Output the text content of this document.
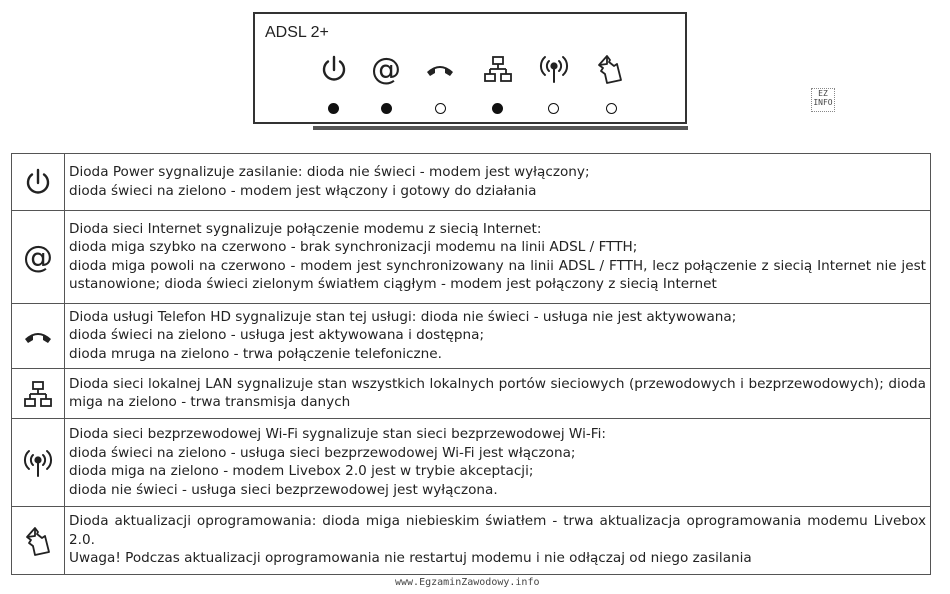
ADSL 2+
EZ
INFO

Dioda Power sygnalizuje zasilanie: dioda nie świeci - modem jest wyłączony;
dioda świeci na zielono - modem jest włączony i gotowy do działania

Dioda sieci Internet sygnalizuje połączenie modemu z siecią Internet:
dioda miga szybko na czerwono - brak synchronizacji modemu na linii ADSL / FTTH;
dioda miga powoli na czerwono - modem jest synchronizowany na linii ADSL / FTTH, lecz połączenie z siecią Internet nie jest ustanowione; dioda świeci zielonym światłem ciągłym - modem jest połączony z siecią Internet

Dioda usługi Telefon HD sygnalizuje stan tej usługi: dioda nie świeci - usługa nie jest aktywowana;
dioda świeci na zielono - usługa jest aktywowana i dostępna;
dioda mruga na zielono - trwa połączenie telefoniczne.

Dioda sieci lokalnej LAN sygnalizuje stan wszystkich lokalnych portów sieciowych (przewodowych i bezprzewodowych); dioda miga na zielono - trwa transmisja danych

Dioda sieci bezprzewodowej Wi-Fi sygnalizuje stan sieci bezprzewodowej Wi-Fi:
dioda świeci na zielono - usługa sieci bezprzewodowej Wi-Fi jest włączona;
dioda miga na zielono - modem Livebox 2.0 jest w trybie akceptacji;
dioda nie świeci - usługa sieci bezprzewodowej jest wyłączona.

Dioda aktualizacji oprogramowania: dioda miga niebieskim światłem - trwa aktualizacja oprogramowania modemu Livebox 2.0.
Uwaga! Podczas aktualizacji oprogramowania nie restartuj modemu i nie odłączaj od niego zasilania
www.EgzaminZawodowy.info
